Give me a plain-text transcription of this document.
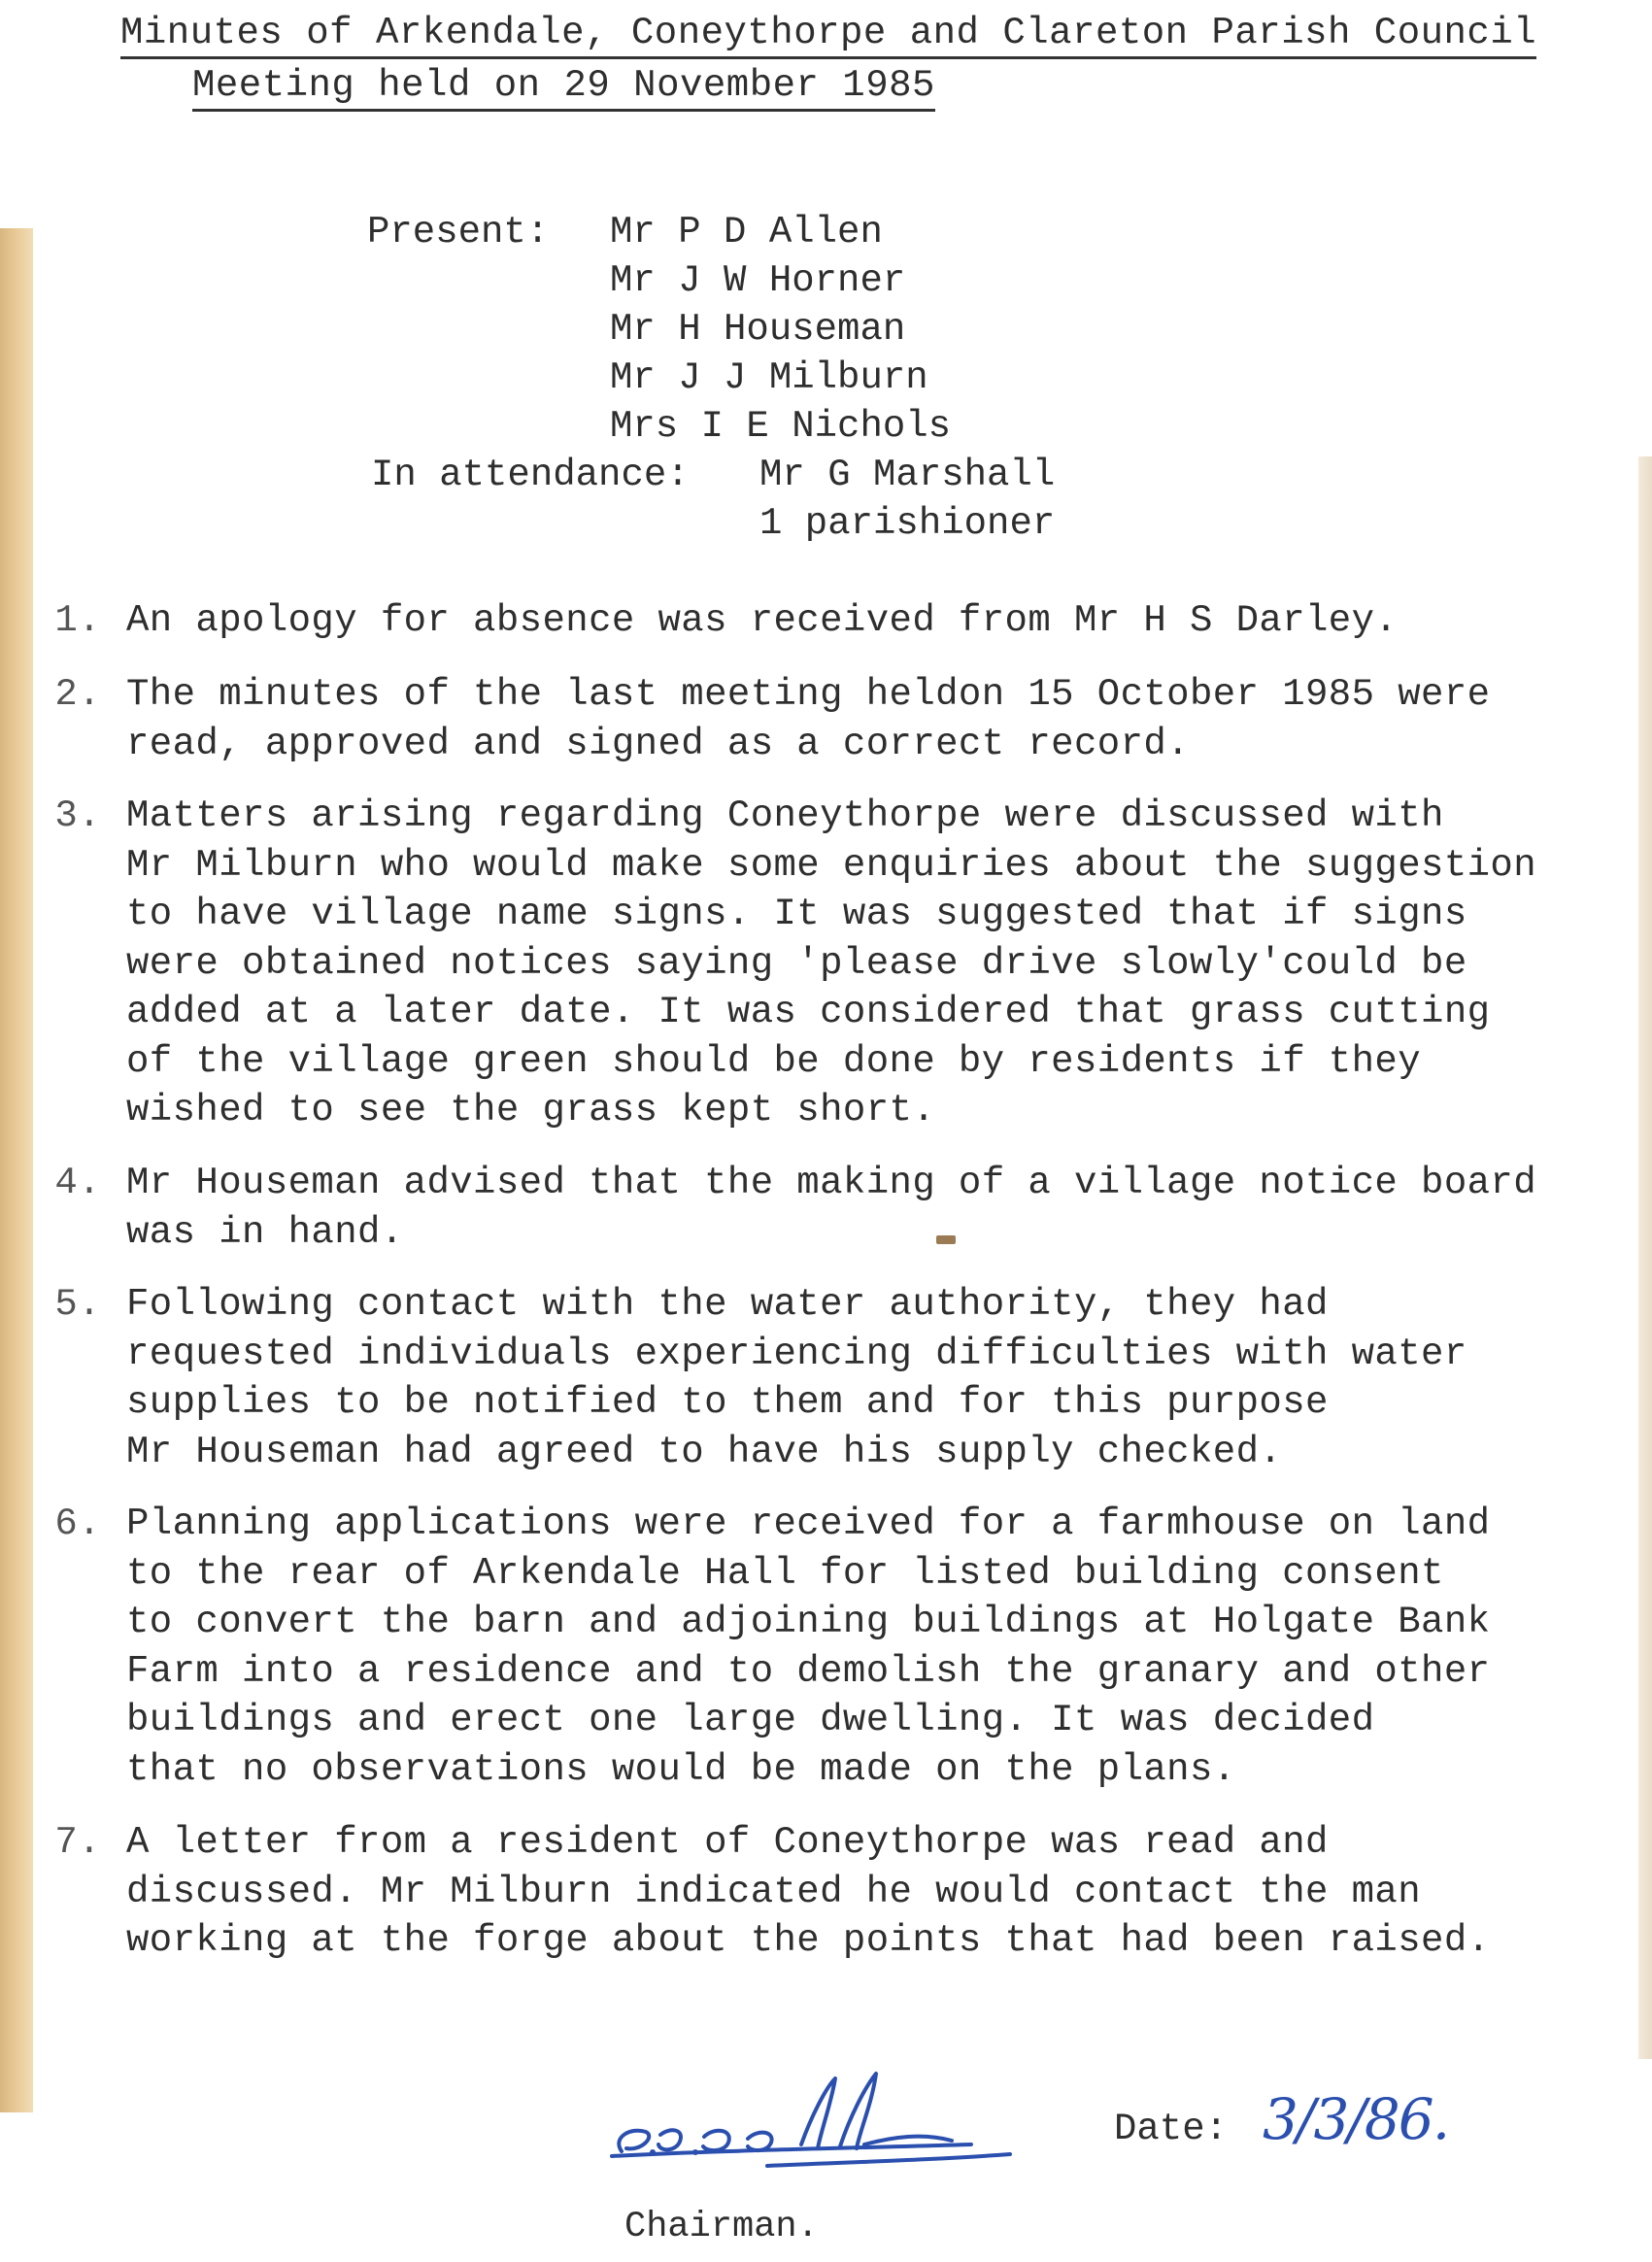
Minutes of Arkendale, Coneythorpe and Clareton Parish Council
Meeting held on 29 November 1985
Present: Mr P D Allen
Mr J W Horner
Mr H Houseman
Mr J J Milburn
Mrs I E Nichols
In attendance: Mr G Marshall
1 parishioner
1. An apology for absence was received from Mr H S Darley.
2. The minutes of the last meeting heldon 15 October 1985 were
read, approved and signed as a correct record.
3. Matters arising regarding Coneythorpe were discussed with
Mr Milburn who would make some enquiries about the suggestion
to have village name signs. It was suggested that if signs
were obtained notices saying 'please drive slowly'could be
added at a later date. It was considered that grass cutting
of the village green should be done by residents if they
wished to see the grass kept short.
4. Mr Houseman advised that the making of a village notice board
was in hand.
5. Following contact with the water authority, they had
requested individuals experiencing difficulties with water
supplies to be notified to them and for this purpose
Mr Houseman had agreed to have his supply checked.
6. Planning applications were received for a farmhouse on land
to the rear of Arkendale Hall for listed building consent
to convert the barn and adjoining buildings at Holgate Bank
Farm into a residence and to demolish the granary and other
buildings and erect one large dwelling. It was decided
that no observations would be made on the plans.
7. A letter from a resident of Coneythorpe was read and
discussed. Mr Milburn indicated he would contact the man
working at the forge about the points that had been raised.
Date: 3/3/86.
Chairman.
